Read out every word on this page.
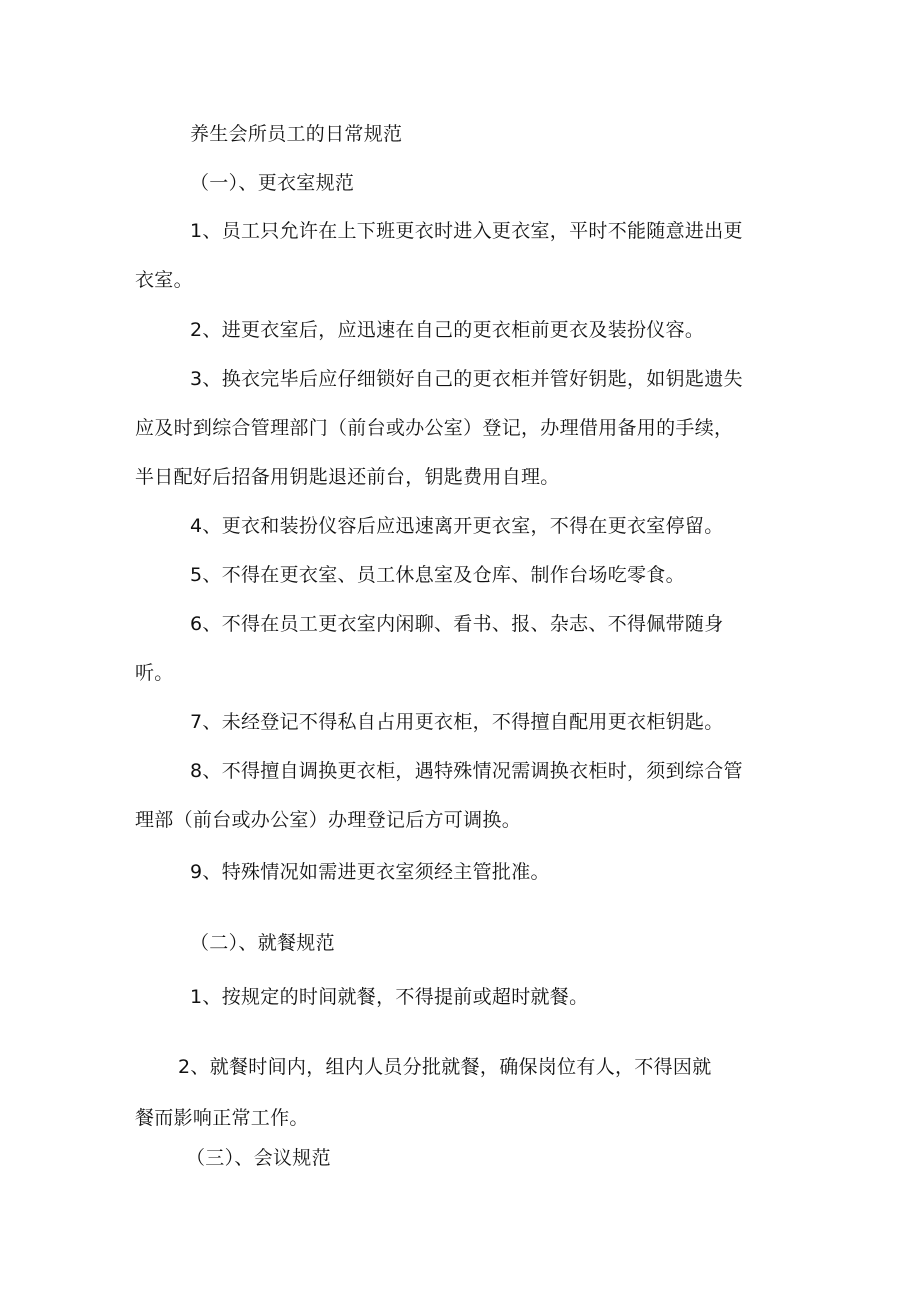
养生会所员工的日常规范
（一）、更衣室规范
1、员工只允许在上下班更衣时进入更衣室，平时不能随意进出更
衣室。
2、进更衣室后，应迅速在自己的更衣柜前更衣及装扮仪容。
3、换衣完毕后应仔细锁好自己的更衣柜并管好钥匙，如钥匙遗失
应及时到综合管理部门（前台或办公室）登记，办理借用备用的手续，
半日配好后招备用钥匙退还前台，钥匙费用自理。
4、更衣和装扮仪容后应迅速离开更衣室，不得在更衣室停留。
5、不得在更衣室、员工休息室及仓库、制作台场吃零食。
6、不得在员工更衣室内闲聊、看书、报、杂志、不得佩带随身
听。
7、未经登记不得私自占用更衣柜，不得擅自配用更衣柜钥匙。
8、不得擅自调换更衣柜，遇特殊情况需调换衣柜时，须到综合管
理部（前台或办公室）办理登记后方可调换。
9、特殊情况如需进更衣室须经主管批准。
（二）、就餐规范
1、按规定的时间就餐，不得提前或超时就餐。
2、就餐时间内，组内人员分批就餐，确保岗位有人，不得因就
餐而影响正常工作。
（三）、会议规范
